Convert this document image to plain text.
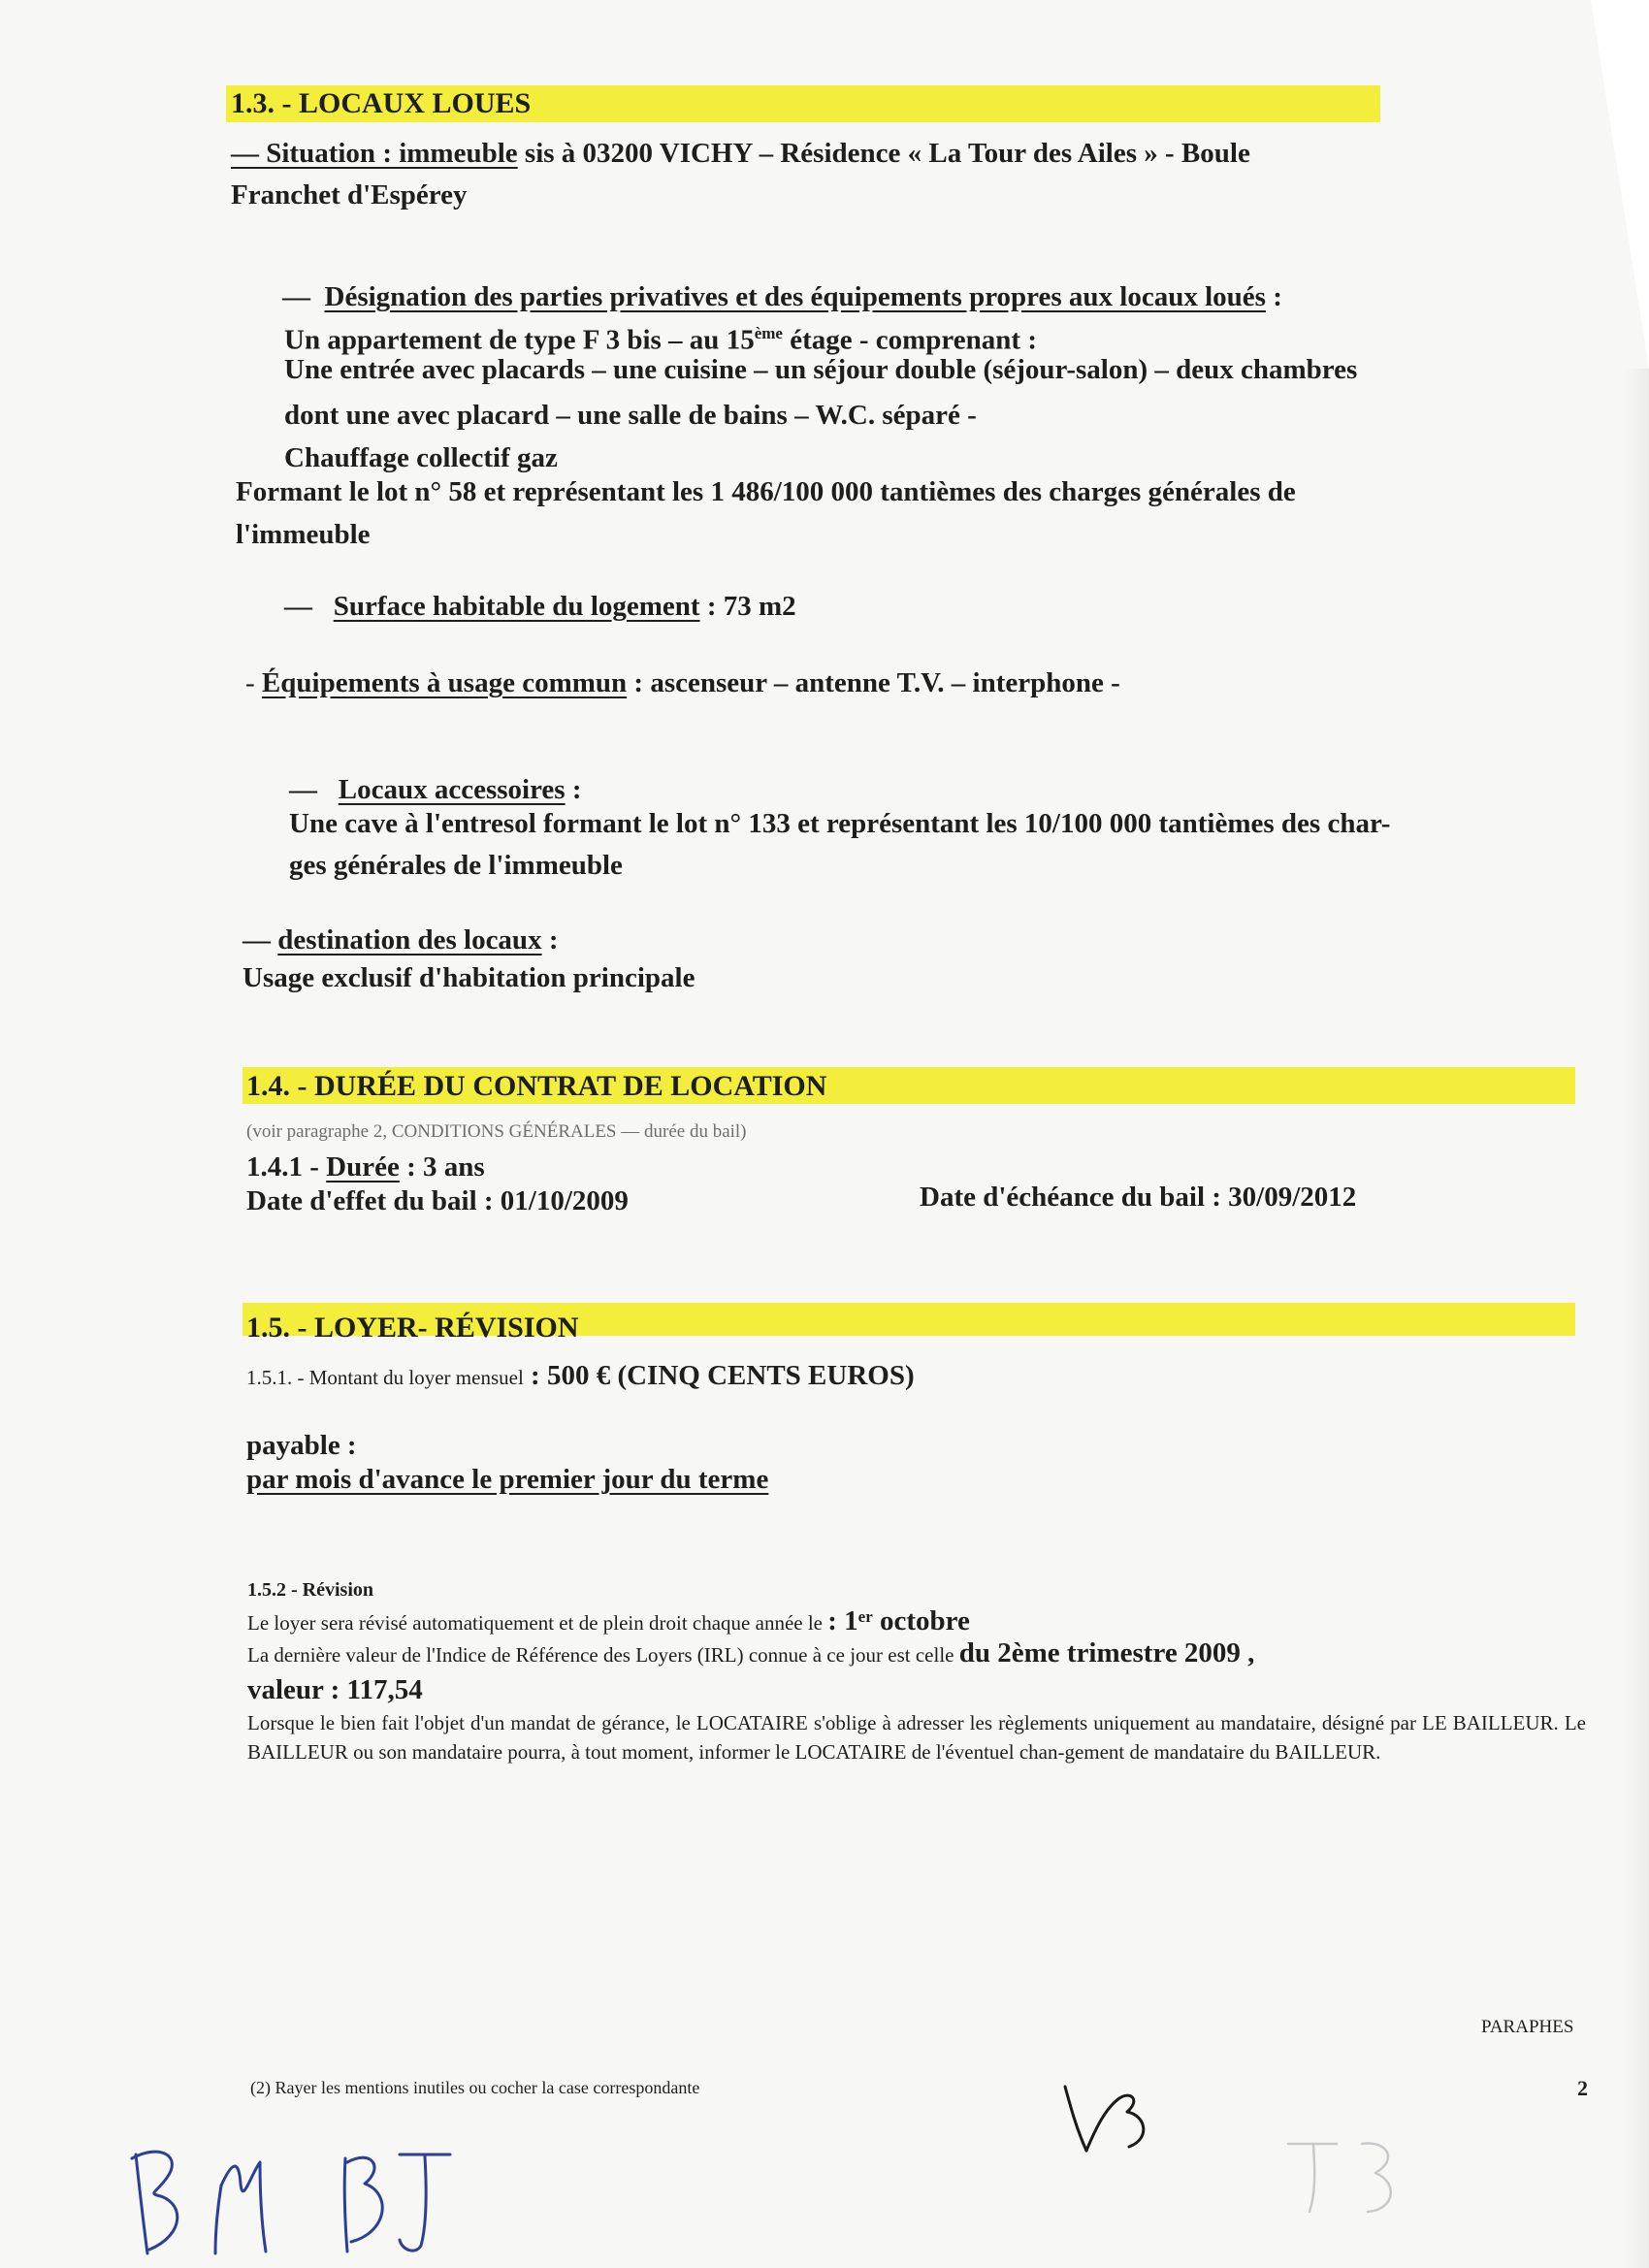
1.3. - LOCAUX LOUES
— Situation : immeuble sis à 03200 VICHY – Résidence « La Tour des Ailes » - Boule
Franchet d'Espérey
—  Désignation des parties privatives et des équipements propres aux locaux loués :
Un appartement de type F 3 bis – au 15ème étage - comprenant :
Une entrée avec placards – une cuisine – un séjour double (séjour-salon) – deux chambres
dont une avec placard – une salle de bains – W.C. séparé -
Chauffage collectif gaz
Formant le lot n° 58 et représentant les 1 486/100 000 tantièmes des charges générales de
l'immeuble
—   Surface habitable du logement : 73 m2
- Équipements à usage commun : ascenseur – antenne T.V. – interphone -
—   Locaux accessoires :
Une cave à l'entresol formant le lot n° 133 et représentant les 10/100 000 tantièmes des char-
ges générales de l'immeuble
— destination des locaux :
Usage exclusif d'habitation principale
1.4. - DURÉE DU CONTRAT DE LOCATION
(voir paragraphe 2, CONDITIONS GÉNÉRALES — durée du bail)
1.4.1 - Durée : 3 ans
Date d'effet du bail : 01/10/2009	Date d'échéance du bail : 30/09/2012
1.5. - LOYER- RÉVISION
1.5.1. - Montant du loyer mensuel : 500 € (CINQ CENTS EUROS)
payable :
par mois d'avance le premier jour du terme
1.5.2 - Révision
Le loyer sera révisé automatiquement et de plein droit chaque année le : 1er octobre
La dernière valeur de l'Indice de Référence des Loyers (IRL) connue à ce jour est celle du 2ème trimestre 2009 ,
valeur : 117,54
Lorsque le bien fait l'objet d'un mandat de gérance, le LOCATAIRE s'oblige à adresser les règlements uniquement au mandataire, désigné par LE BAILLEUR. Le BAILLEUR ou son mandataire pourra, à tout moment, informer le LOCATAIRE de l'éventuel chan-gement de mandataire du BAILLEUR.
PARAPHES
(2) Rayer les mentions inutiles ou cocher la case correspondante	2
